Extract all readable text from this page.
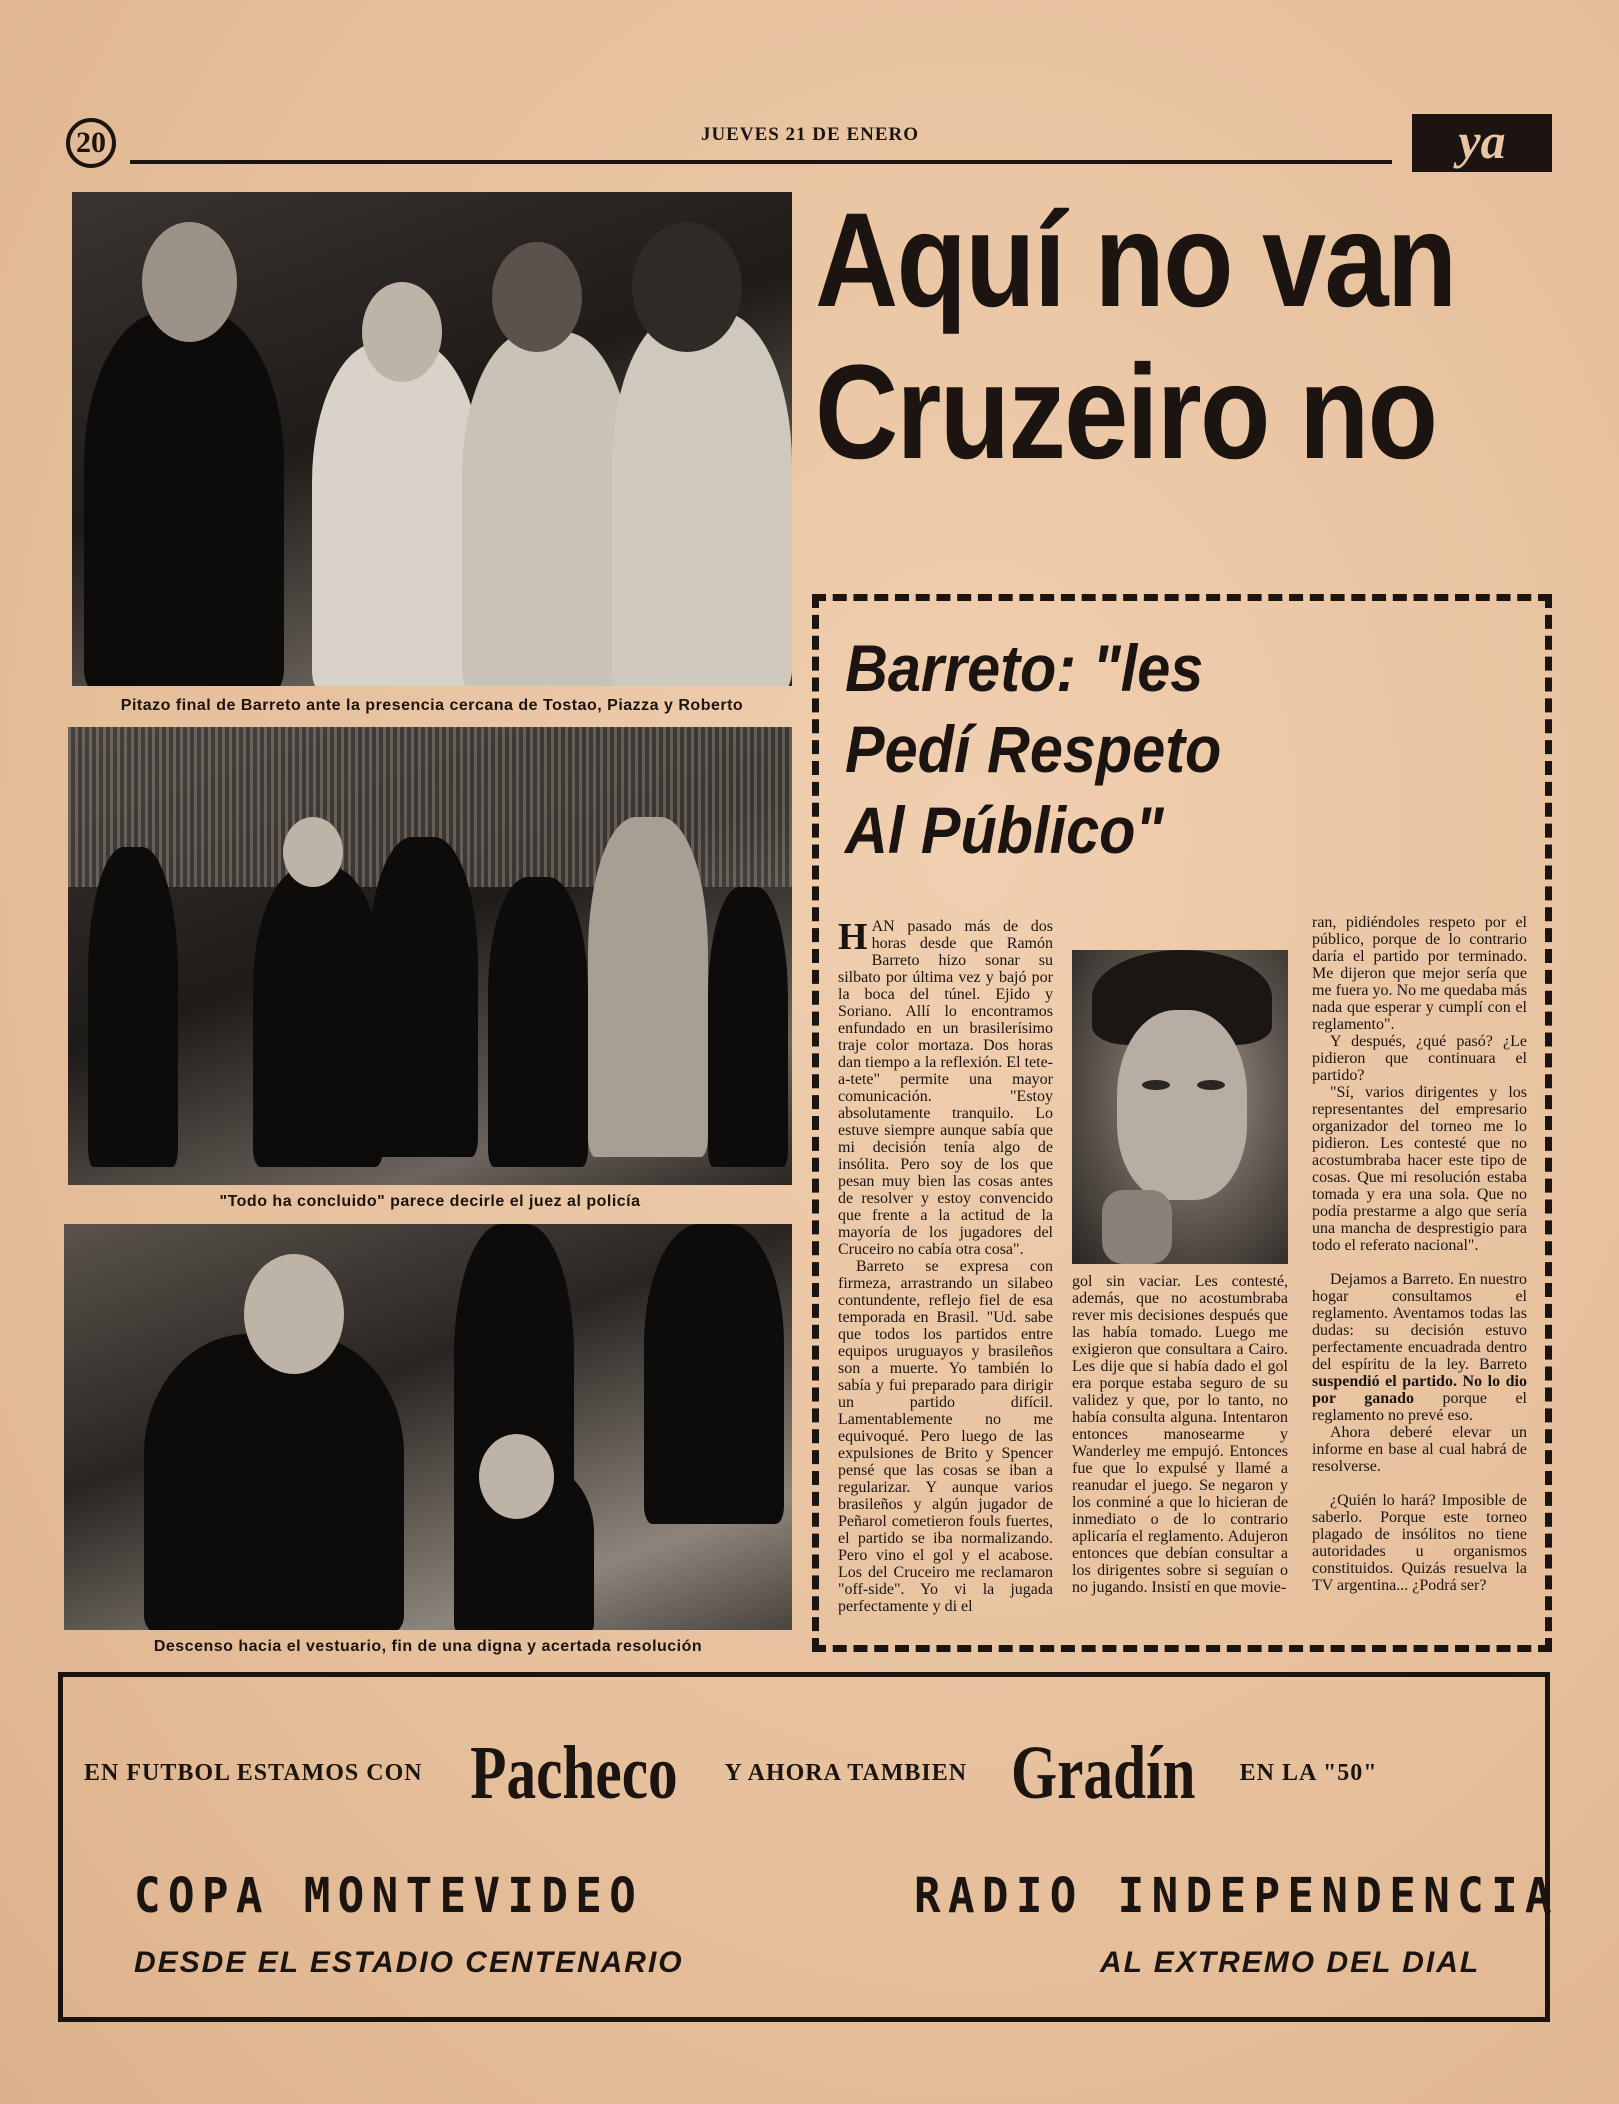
20	JUEVES 21 DE ENERO	ya
Pitazo final de Barreto ante la presencia cercana de Tostao, Piazza y Roberto
"Todo ha concluido" parece decirle el juez al policía
Descenso hacia el vestuario, fin de una digna y acertada resolución
Aquí no van
Cruzeiro no
Barreto: "les
Pedí Respeto
Al Público"

HAN pasado más de dos horas desde que Ramón Barreto hizo sonar su silbato por última vez y bajó por la boca del túnel. Ejido y Soriano. Allí lo encontramos enfundado en un brasilerísimo traje color mortaza. Dos horas dan tiempo a la reflexión. El tete-a-tete" permite una mayor comunicación. "Estoy absolutamente tranquilo. Lo estuve siempre aunque sabía que mi decisión tenía algo de insólita. Pero soy de los que pesan muy bien las cosas antes de resolver y estoy convencido que frente a la actitud de la mayoría de los jugadores del Cruceiro no cabía otra cosa".

Barreto se expresa con firmeza, arrastrando un silabeo contundente, reflejo fiel de esa temporada en Brasil. "Ud. sabe que todos los partidos entre equipos uruguayos y brasileños son a muerte. Yo también lo sabía y fui preparado para dirigir un partido difícil. Lamentablemente no me equivoqué. Pero luego de las expulsiones de Brito y Spencer pensé que las cosas se iban a regularizar. Y aunque varios brasileños y algún jugador de Peñarol cometieron fouls fuertes, el partido se iba normalizando. Pero vino el gol y el acabose. Los del Cruceiro me reclamaron "off-side". Yo vi la jugada perfectamente y di el

gol sin vaciar. Les contesté, además, que no acostumbraba rever mis decisiones después que las había tomado. Luego me exigieron que consultara a Cairo. Les dije que si había dado el gol era porque estaba seguro de su validez y que, por lo tanto, no había consulta alguna. Intentaron entonces manosearme y Wanderley me empujó. Entonces fue que lo expulsé y llamé a reanudar el juego. Se negaron y los conminé a que lo hicieran de inmediato o de lo contrario aplicaría el reglamento. Adujeron entonces que debían consultar a los dirigentes sobre si seguían o no jugando. Insistí en que movie-

ran, pidiéndoles respeto por el público, porque de lo contrario daría el partido por terminado. Me dijeron que mejor sería que me fuera yo. No me quedaba más nada que esperar y cumplí con el reglamento".

Y después, ¿qué pasó? ¿Le pidieron que continuara el partido?

"Sí, varios dirigentes y los representantes del empresario organizador del torneo me lo pidieron. Les contesté que no acostumbraba hacer este tipo de cosas. Que mi resolución estaba tomada y era una sola. Que no podía prestarme a algo que sería una mancha de desprestigio para todo el referato nacional".

Dejamos a Barreto. En nuestro hogar consultamos el reglamento. Aventamos todas las dudas: su decisión estuvo perfectamente encuadrada dentro del espíritu de la ley. Barreto suspendió el partido. No lo dio por ganado porque el reglamento no prevé eso.

Ahora deberé elevar un informe en base al cual habrá de resolverse.

¿Quién lo hará? Imposible de saberlo. Porque este torneo plagado de insólitos no tiene autoridades u organismos constituidos. Quizás resuelva la TV argentina... ¿Podrá ser?

EN FUTBOL ESTAMOS CON Pacheco Y AHORA TAMBIEN Gradín EN LA "50"
COPA MONTEVIDEO
DESDE EL ESTADIO CENTENARIO
RADIO INDEPENDENCIA
AL EXTREMO DEL DIAL
